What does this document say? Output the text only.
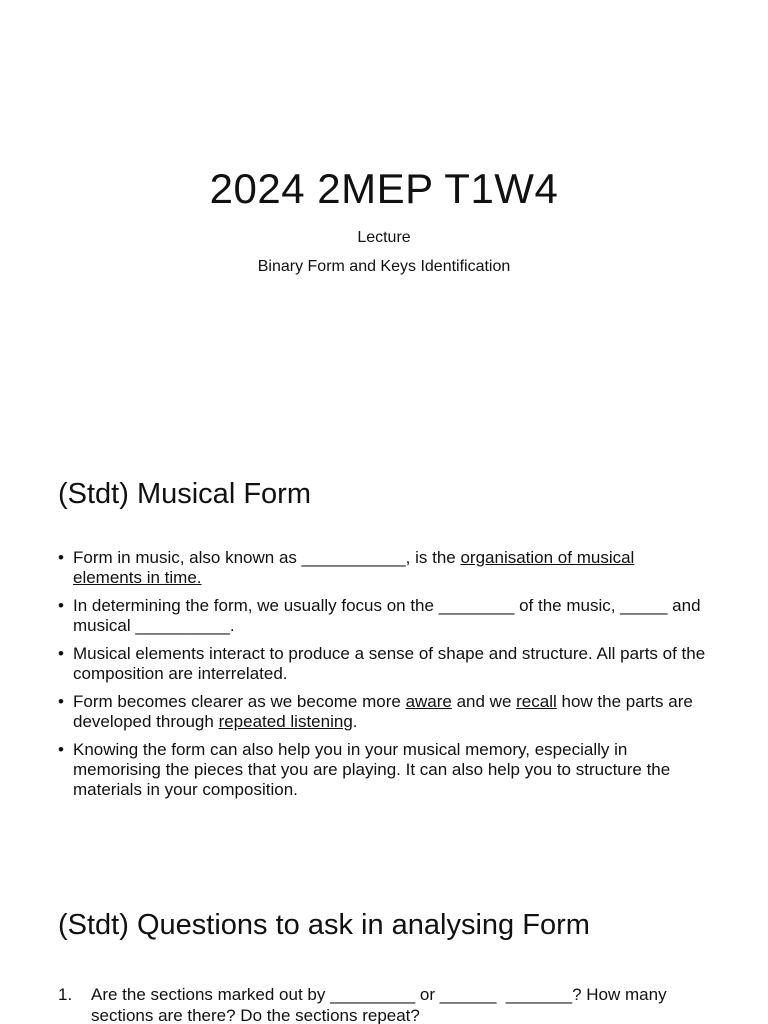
2024 2MEP T1W4
Lecture
Binary Form and Keys Identification
(Stdt) Musical Form
• Form in music, also known as ___________, is the organisation of musical elements in time.
• In determining the form, we usually focus on the ________ of the music, _____ and musical __________.
• Musical elements interact to produce a sense of shape and structure. All parts of the composition are interrelated.
• Form becomes clearer as we become more aware and we recall how the parts are developed through repeated listening.
• Knowing the form can also help you in your musical memory, especially in memorising the pieces that you are playing. It can also help you to structure the materials in your composition.
(Stdt) Questions to ask in analysing Form
1. Are the sections marked out by _________ or ______ _______? How many sections are there? Do the sections repeat?
